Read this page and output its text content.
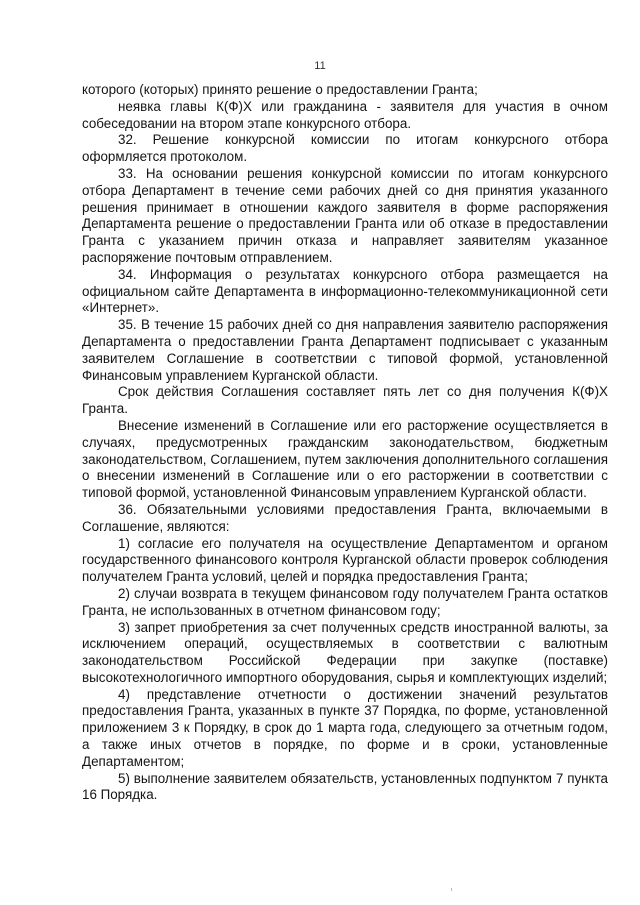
11

которого (которых) принято решение о предоставлении Гранта;

неявка главы К(Ф)Х или гражданина - заявителя для участия в очном собеседовании на втором этапе конкурсного отбора.

32. Решение конкурсной комиссии по итогам конкурсного отбора оформляется протоколом.

33. На основании решения конкурсной комиссии по итогам конкурсного отбора Департамент в течение семи рабочих дней со дня принятия указанного решения принимает в отношении каждого заявителя в форме распоряжения Департамента решение о предоставлении Гранта или об отказе в предоставлении Гранта с указанием причин отказа и направляет заявителям указанное распоряжение почтовым отправлением.

34. Информация о результатах конкурсного отбора размещается на официальном сайте Департамента в информационно-телекоммуникационной сети «Интернет».

35. В течение 15 рабочих дней со дня направления заявителю распоряжения Департамента о предоставлении Гранта Департамент подписывает с указанным заявителем Соглашение в соответствии с типовой формой, установленной Финансовым управлением Курганской области.

Срок действия Соглашения составляет пять лет со дня получения К(Ф)Х Гранта.

Внесение изменений в Соглашение или его расторжение осуществляется в случаях, предусмотренных гражданским законодательством, бюджетным законодательством, Соглашением, путем заключения дополнительного соглашения о внесении изменений в Соглашение или о его расторжении в соответствии с типовой формой, установленной Финансовым управлением Курганской области.

36. Обязательными условиями предоставления Гранта, включаемыми в Соглашение, являются:

1) согласие его получателя на осуществление Департаментом и органом государственного финансового контроля Курганской области проверок соблюдения получателем Гранта условий, целей и порядка предоставления Гранта;

2) случаи возврата в текущем финансовом году получателем Гранта остатков Гранта, не использованных в отчетном финансовом году;

3) запрет приобретения за счет полученных средств иностранной валюты, за исключением операций, осуществляемых в соответствии с валютным законодательством Российской Федерации при закупке (поставке) высокотехнологичного импортного оборудования, сырья и комплектующих изделий;

4) представление отчетности о достижении значений результатов предоставления Гранта, указанных в пункте 37 Порядка, по форме, установленной приложением 3 к Порядку, в срок до 1 марта года, следующего за отчетным годом, а также иных отчетов в порядке, по форме и в сроки, установленные Департаментом;

5) выполнение заявителем обязательств, установленных подпунктом 7 пункта 16 Порядка.
